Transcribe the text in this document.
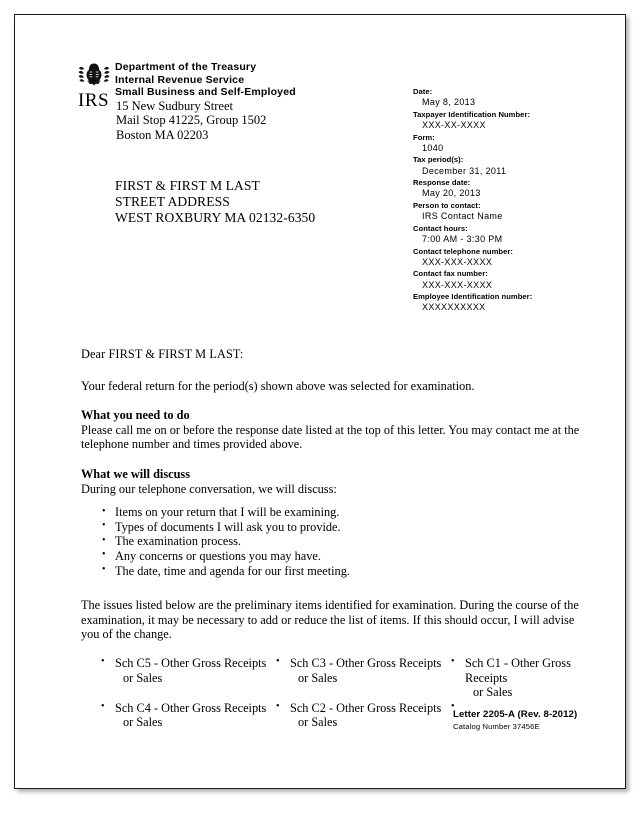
Department of the Treasury
Internal Revenue Service
Small Business and Self-Employed
IRS 15 New Sudbury Street
Mail Stop 41225, Group 1502
Boston MA 02203
FIRST & FIRST M LAST
STREET ADDRESS
WEST ROXBURY MA 02132-6350
Date:
May 8, 2013
Taxpayer Identification Number:
XXX-XX-XXXX
Form:
1040
Tax period(s):
December 31, 2011
Response date:
May 20, 2013
Person to contact:
IRS Contact Name
Contact hours:
7:00 AM - 3:30 PM
Contact telephone number:
XXX-XXX-XXXX
Contact fax number:
XXX-XXX-XXXX
Employee Identification number:
XXXXXXXXXX
Dear FIRST & FIRST M LAST:
Your federal return for the period(s) shown above was selected for examination.
What you need to do
Please call me on or before the response date listed at the top of this letter. You may contact me at the telephone number and times provided above.
What we will discuss
During our telephone conversation, we will discuss:
• Items on your return that I will be examining.
• Types of documents I will ask you to provide.
• The examination process.
• Any concerns or questions you may have.
• The date, time and agenda for our first meeting.
The issues listed below are the preliminary items identified for examination. During the course of the examination, it may be necessary to add or reduce the list of items. If this should occur, I will advise you of the change.
• Sch C5 - Other Gross Receipts
or Sales
• Sch C3 - Other Gross Receipts
or Sales
• Sch C1 - Other Gross Receipts
or Sales
• Sch C4 - Other Gross Receipts
or Sales
• Sch C2 - Other Gross Receipts
or Sales
•
Letter 2205-A (Rev. 8-2012)
Catalog Number 37456E
